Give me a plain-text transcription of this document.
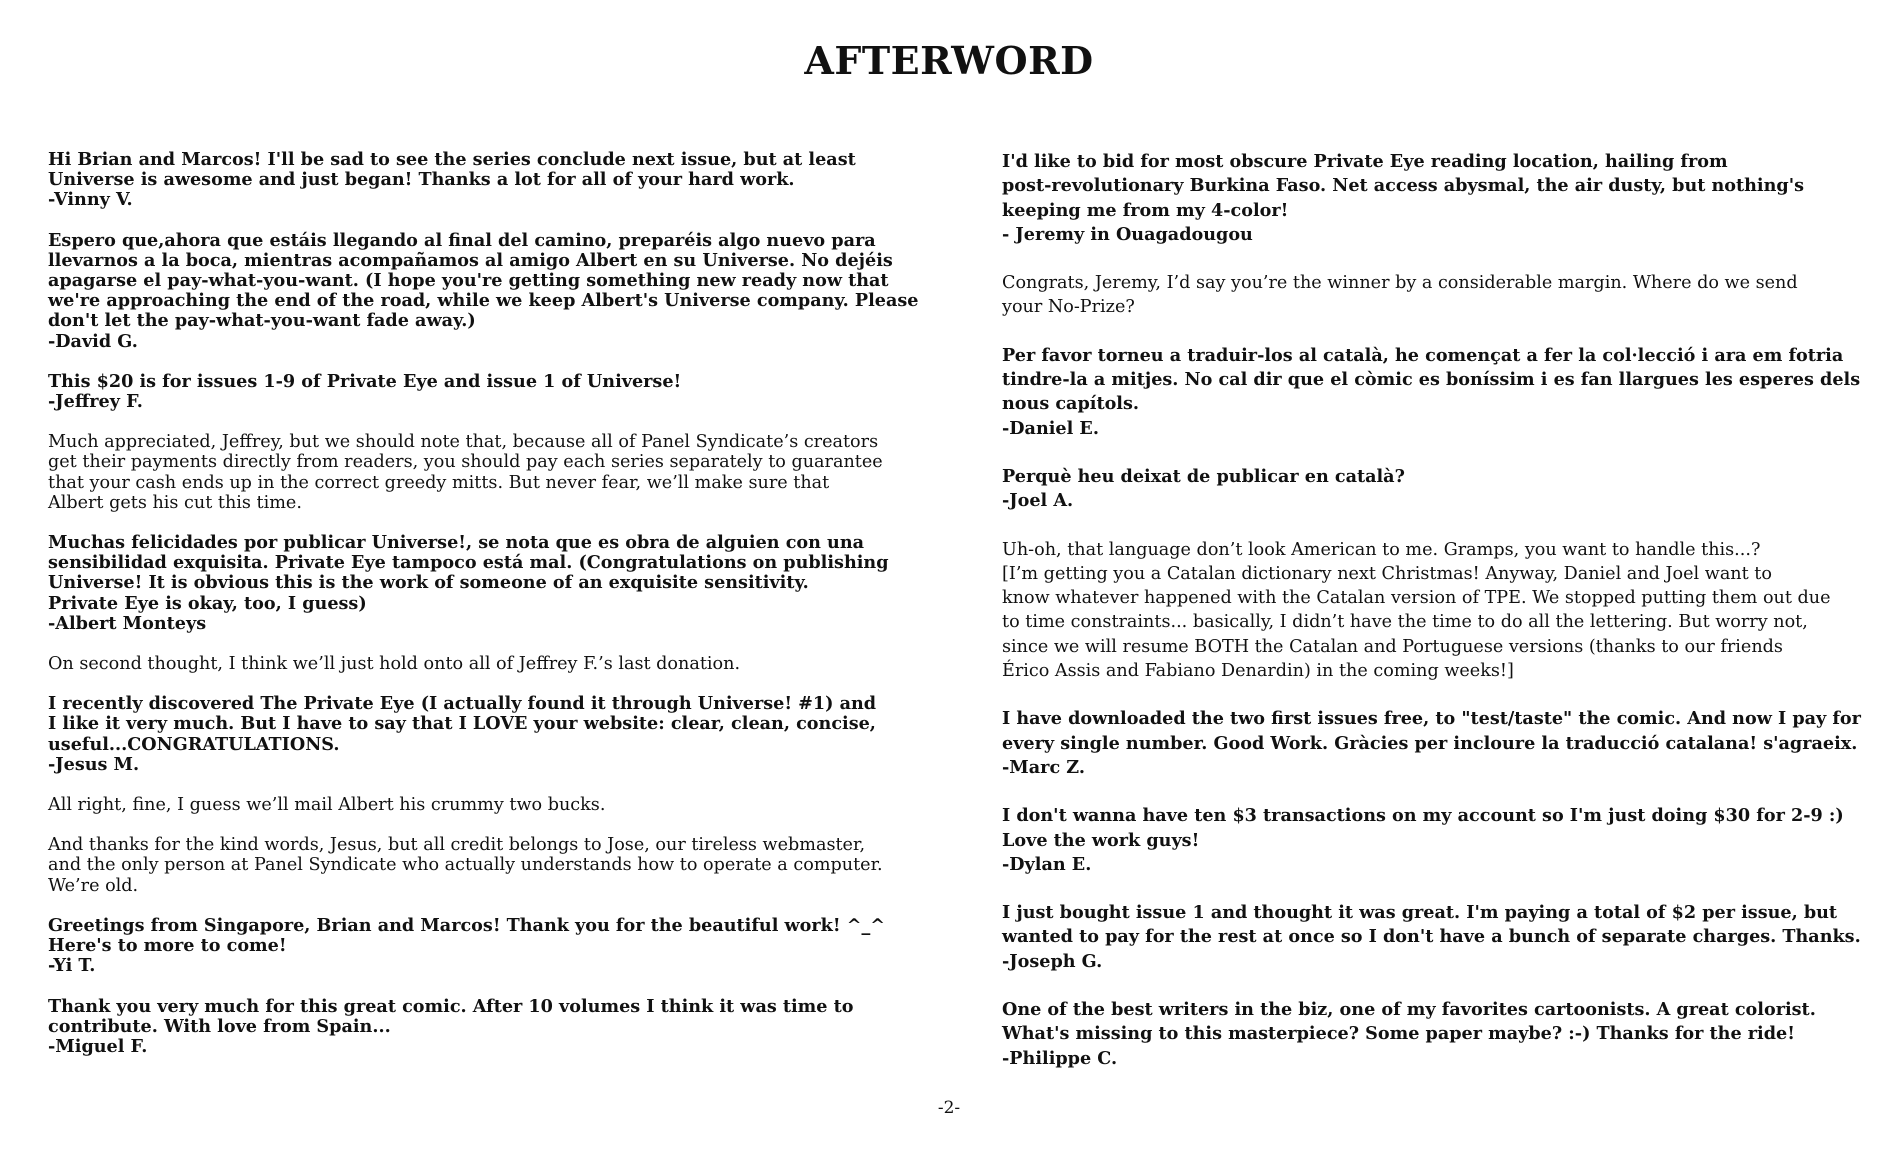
AFTERWORD

Hi Brian and Marcos! I'll be sad to see the series conclude next issue, but at least
Universe is awesome and just began! Thanks a lot for all of your hard work.
-Vinny V.

Espero que,ahora que estáis llegando al final del camino, preparéis algo nuevo para
llevarnos a la boca, mientras acompañamos al amigo Albert en su Universe. No dejéis
apagarse el pay-what-you-want. (I hope you're getting something new ready now that
we're approaching the end of the road, while we keep Albert's Universe company. Please
don't let the pay-what-you-want fade away.)
-David G.

This $20 is for issues 1-9 of Private Eye and issue 1 of Universe!
-Jeffrey F.

Much appreciated, Jeffrey, but we should note that, because all of Panel Syndicate’s creators
get their payments directly from readers, you should pay each series separately to guarantee
that your cash ends up in the correct greedy mitts. But never fear, we’ll make sure that
Albert gets his cut this time.

Muchas felicidades por publicar Universe!, se nota que es obra de alguien con una
sensibilidad exquisita. Private Eye tampoco está mal. (Congratulations on publishing
Universe! It is obvious this is the work of someone of an exquisite sensitivity.
Private Eye is okay, too, I guess)
-Albert Monteys

On second thought, I think we’ll just hold onto all of Jeffrey F.’s last donation.

I recently discovered The Private Eye (I actually found it through Universe! #1) and
I like it very much. But I have to say that I LOVE your website: clear, clean, concise,
useful...CONGRATULATIONS.
-Jesus M.

All right, fine, I guess we’ll mail Albert his crummy two bucks.

And thanks for the kind words, Jesus, but all credit belongs to Jose, our tireless webmaster,
and the only person at Panel Syndicate who actually understands how to operate a computer.
We’re old.

Greetings from Singapore, Brian and Marcos! Thank you for the beautiful work! ^_^
Here's to more to come!
-Yi T.

Thank you very much for this great comic. After 10 volumes I think it was time to
contribute. With love from Spain...
-Miguel F.

I'd like to bid for most obscure Private Eye reading location, hailing from
post-revolutionary Burkina Faso. Net access abysmal, the air dusty, but nothing's
keeping me from my 4-color!
- Jeremy in Ouagadougou

Congrats, Jeremy, I’d say you’re the winner by a considerable margin. Where do we send
your No-Prize?

Per favor torneu a traduir-los al català, he començat a fer la col·lecció i ara em fotria
tindre-la a mitjes. No cal dir que el còmic es boníssim i es fan llargues les esperes dels
nous capítols.
-Daniel E.

Perquè heu deixat de publicar en català?
-Joel A.

Uh-oh, that language don’t look American to me. Gramps, you want to handle this...?
[I’m getting you a Catalan dictionary next Christmas! Anyway, Daniel and Joel want to
know whatever happened with the Catalan version of TPE. We stopped putting them out due
to time constraints... basically, I didn’t have the time to do all the lettering. But worry not,
since we will resume BOTH the Catalan and Portuguese versions (thanks to our friends
Érico Assis and Fabiano Denardin) in the coming weeks!]

I have downloaded the two first issues free, to "test/taste" the comic. And now I pay for
every single number. Good Work. Gràcies per incloure la traducció catalana! s'agraeix.
-Marc Z.

I don't wanna have ten $3 transactions on my account so I'm just doing $30 for 2-9 :)
Love the work guys!
-Dylan E.

I just bought issue 1 and thought it was great. I'm paying a total of $2 per issue, but
wanted to pay for the rest at once so I don't have a bunch of separate charges. Thanks.
-Joseph G.

One of the best writers in the biz, one of my favorites cartoonists. A great colorist.
What's missing to this masterpiece? Some paper maybe? :-) Thanks for the ride!
-Philippe C.

-2-
